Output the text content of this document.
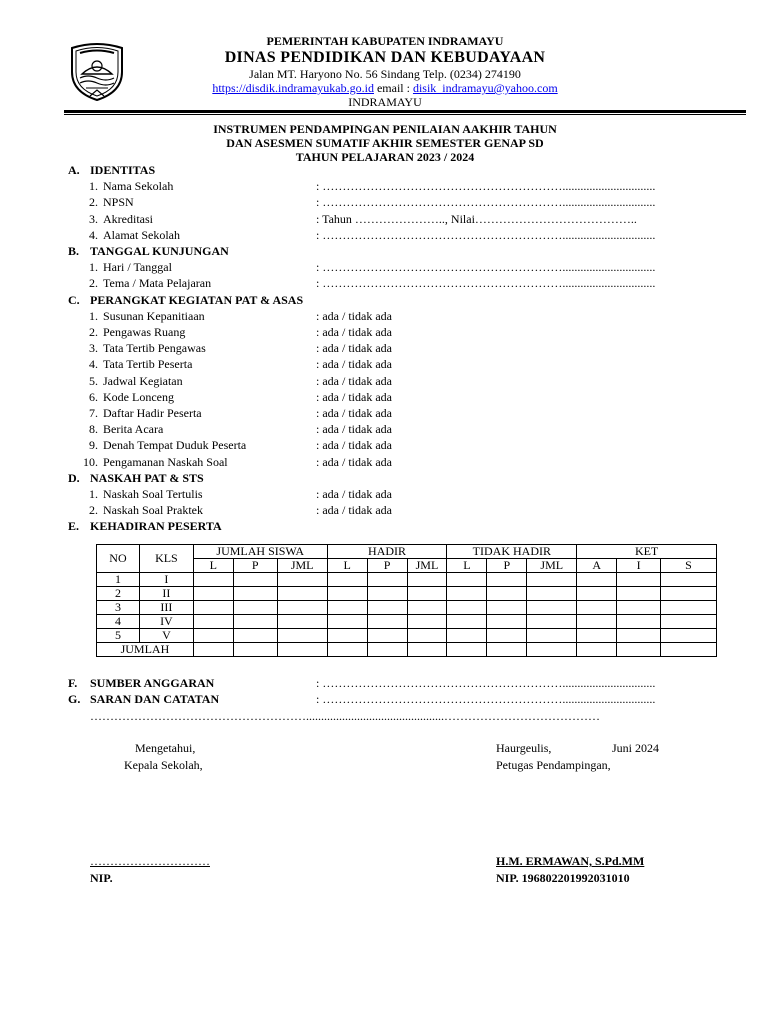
PEMERINTAH KABUPATEN INDRAMAYU
DINAS PENDIDIKAN DAN KEBUDAYAAN
Jalan MT. Haryono No. 56 Sindang Telp. (0234) 274190
https://disdik.indramayukab.go.id email : disik_indramayu@yahoo.com
INDRAMAYU
INSTRUMEN PENDAMPINGAN PENILAIAN AAKHIR TAHUN
DAN ASESMEN SUMATIF AKHIR SEMESTER GENAP SD
TAHUN PELAJARAN 2023 / 2024
A. IDENTITAS
1. Nama Sekolah	: ……………………………………………………...............................
2. NPSN	: ……………………………………………………...............................
3. Akreditasi	: Tahun ………………….., Nilai…………………………………..
4. Alamat Sekolah	: ……………………………………………………...............................
B. TANGGAL KUNJUNGAN
1. Hari / Tanggal	: ……………………………………………………...............................
2. Tema / Mata Pelajaran	: ……………………………………………………...............................
C. PERANGKAT KEGIATAN PAT & ASAS
1. Susunan Kepanitiaan	: ada / tidak ada
2. Pengawas Ruang	: ada / tidak ada
3. Tata Tertib Pengawas	: ada / tidak ada
4. Tata Tertib Peserta	: ada / tidak ada
5. Jadwal Kegiatan	: ada / tidak ada
6. Kode Lonceng	: ada / tidak ada
7. Daftar Hadir Peserta	: ada / tidak ada
8. Berita Acara	: ada / tidak ada
9. Denah Tempat Duduk Peserta	: ada / tidak ada
10. Pengamanan Naskah Soal	: ada / tidak ada
D. NASKAH PAT & STS
1. Naskah Soal Tertulis	: ada / tidak ada
2. Naskah Soal Praktek	: ada / tidak ada
E. KEHADIRAN PESERTA
F. SUMBER ANGGARAN	: ……………………………………………………...............................
G. SARAN DAN CATATAN	: ……………………………………………………...............................
………………………………………………..............................................…………………………………
NO	KLS	JUMLAH SISWA			HADIR			TIDAK HADIR			KET		
		L	P	JML	L	P	JML	L	P	JML	A	I	S
1	I												
2	II												
3	III												
4	IV												
5	V												
JUMLAH													
Mengetahui,
Kepala Sekolah,
Haurgeulis,	Juni 2024
Petugas Pendampingan,
…………………………
NIP.
H.M. ERMAWAN, S.Pd.MM
NIP. 196802201992031010
